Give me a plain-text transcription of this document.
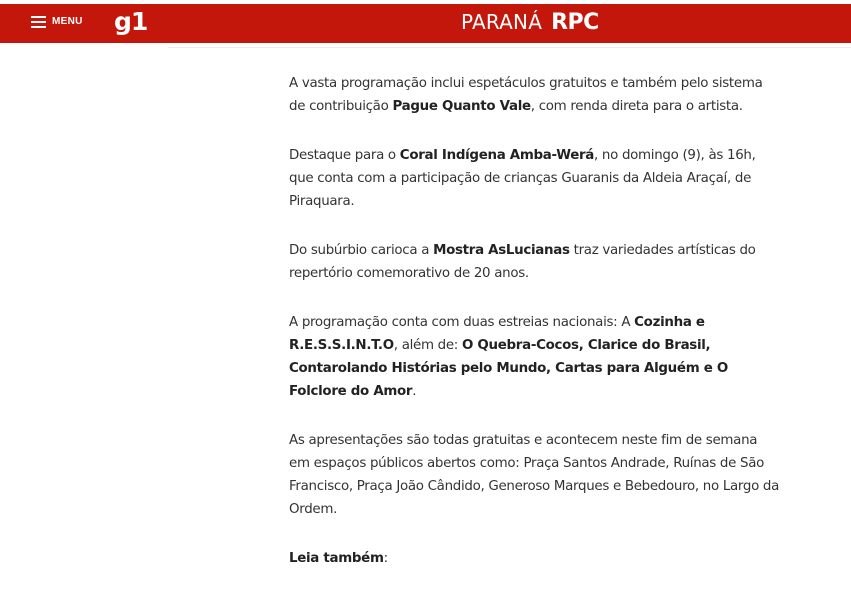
MENU g1	PARANÁ RPC

A vasta programação inclui espetáculos gratuitos e também pelo sistema de contribuição Pague Quanto Vale, com renda direta para o artista.

Destaque para o Coral Indígena Amba-Werá, no domingo (9), às 16h, que conta com a participação de crianças Guaranis da Aldeia Araçaí, de Piraquara.

Do subúrbio carioca a Mostra AsLucianas traz variedades artísticas do repertório comemorativo de 20 anos.

A programação conta com duas estreias nacionais: A Cozinha e R.E.S.S.I.N.T.O, além de: O Quebra-Cocos, Clarice do Brasil, Contarolando Histórias pelo Mundo, Cartas para Alguém e O Folclore do Amor.

As apresentações são todas gratuitas e acontecem neste fim de semana em espaços públicos abertos como: Praça Santos Andrade, Ruínas de São Francisco, Praça João Cândido, Generoso Marques e Bebedouro, no Largo da Ordem.

Leia também:
